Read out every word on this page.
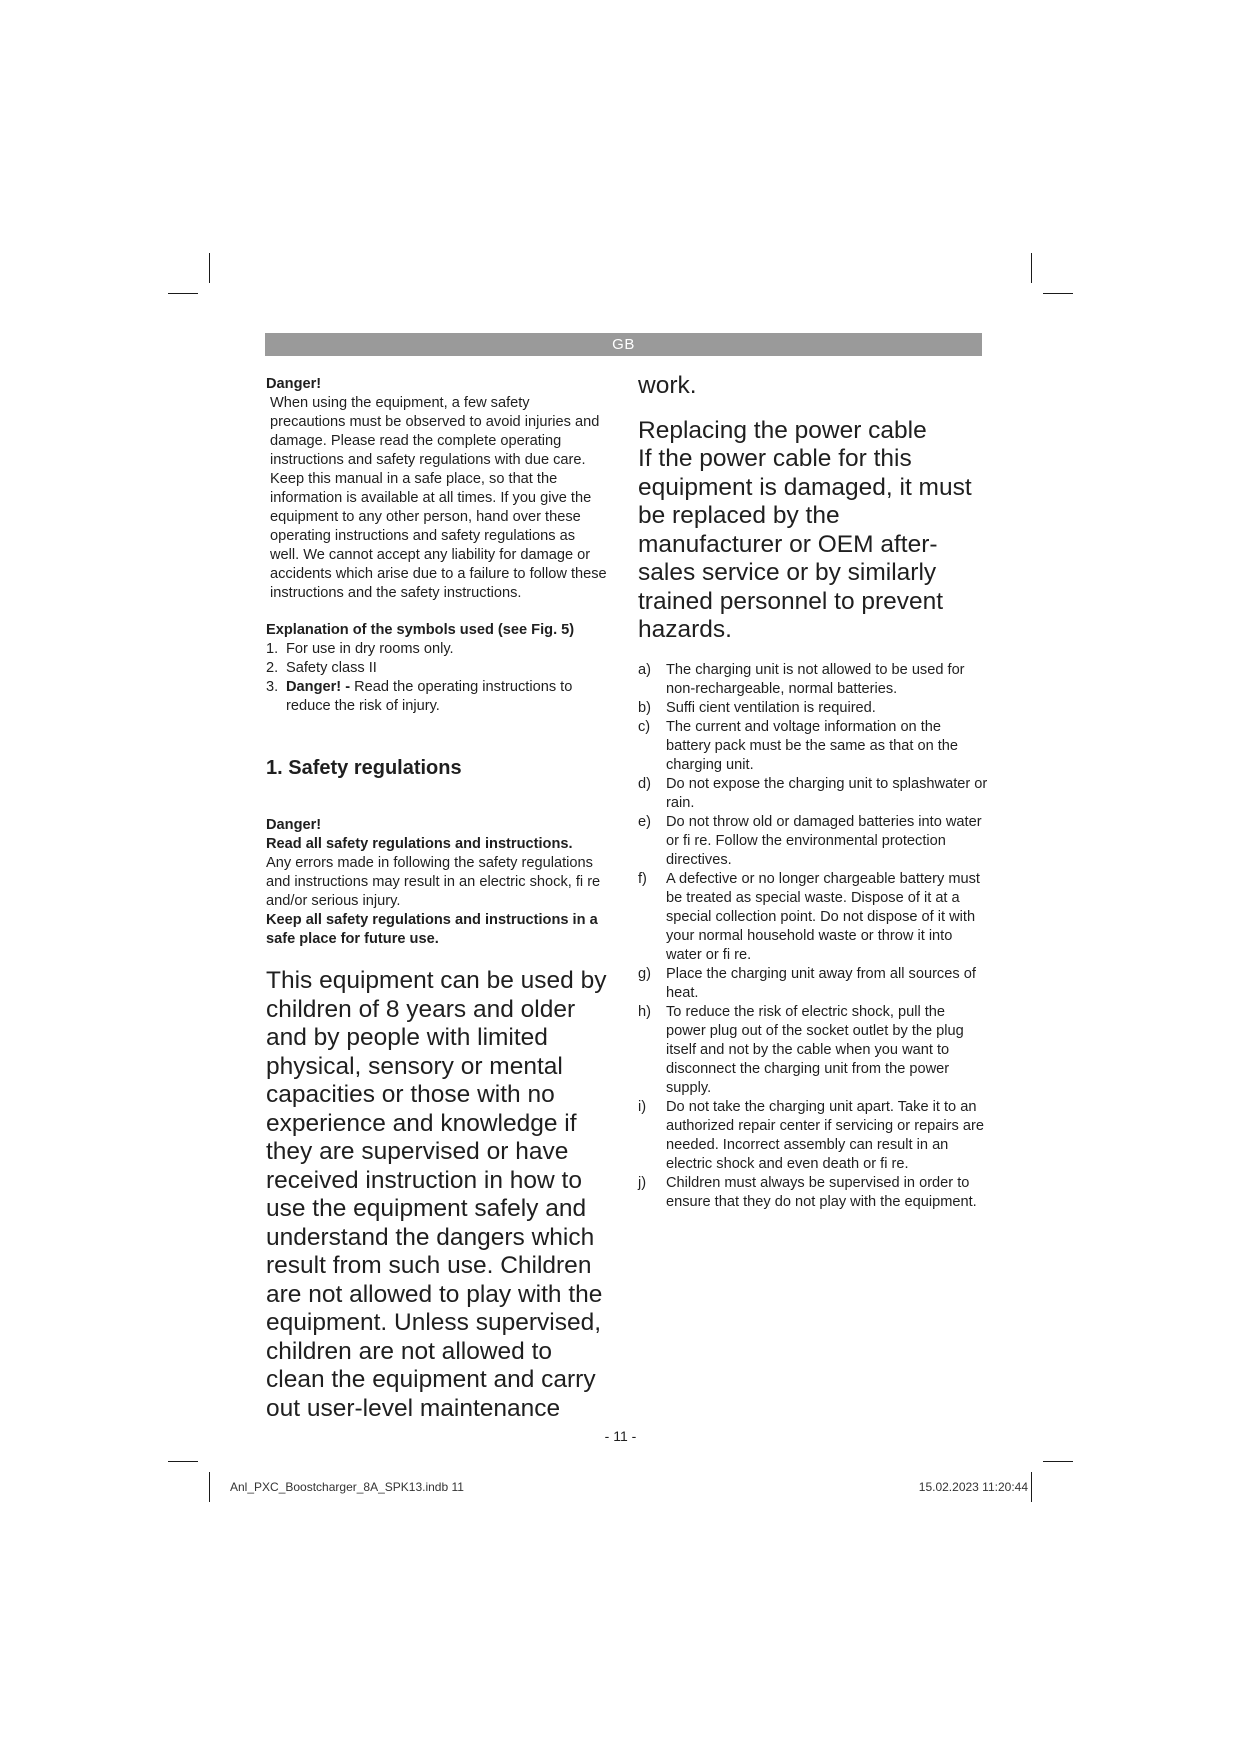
GB

Danger!

When using the equipment, a few safety precautions must be observed to avoid injuries and damage. Please read the complete operating instructions and safety regulations with due care. Keep this manual in a safe place, so that the information is available at all times. If you give the equipment to any other person, hand over these operating instructions and safety regulations as well. We cannot accept any liability for damage or accidents which arise due to a failure to follow these instructions and the safety instructions.

Explanation of the symbols used (see Fig. 5)

1. For use in dry rooms only.
2. Safety class II
3. Danger! - Read the operating instructions to reduce the risk of injury.

1. Safety regulations

Danger!

Read all safety regulations and instructions.

Any errors made in following the safety regulations and instructions may result in an electric shock, fi re and/or serious injury.

Keep all safety regulations and instructions in a safe place for future use.

This equipment can be used by children of 8 years and older and by people with limited physical, sensory or mental capacities or those with no experience and knowledge if they are supervised or have received instruction in how to use the equipment safely and understand the dangers which result from such use. Children are not allowed to play with the equipment. Unless supervised, children are not allowed to clean the equipment and carry out user-level maintenance

work.

Replacing the power cable

If the power cable for this equipment is damaged, it must be replaced by the manufacturer or OEM after-sales service or by similarly trained personnel to prevent hazards.

a) The charging unit is not allowed to be used for non-rechargeable, normal batteries.
b) Suffi cient ventilation is required.
c) The current and voltage information on the battery pack must be the same as that on the charging unit.
d) Do not expose the charging unit to splashwater or rain.
e) Do not throw old or damaged batteries into water or fi re. Follow the environmental protection directives.
f) A defective or no longer chargeable battery must be treated as special waste. Dispose of it at a special collection point. Do not dispose of it with your normal household waste or throw it into water or fi re.
g) Place the charging unit away from all sources of heat.
h) To reduce the risk of electric shock, pull the power plug out of the socket outlet by the plug itself and not by the cable when you want to disconnect the charging unit from the power supply.
i) Do not take the charging unit apart. Take it to an authorized repair center if servicing or repairs are needed. Incorrect assembly can result in an electric shock and even death or fi re.
j) Children must always be supervised in order to ensure that they do not play with the equipment.
- 11 -
Anl_PXC_Boostcharger_8A_SPK13.indb 11	15.02.2023 11:20:44
